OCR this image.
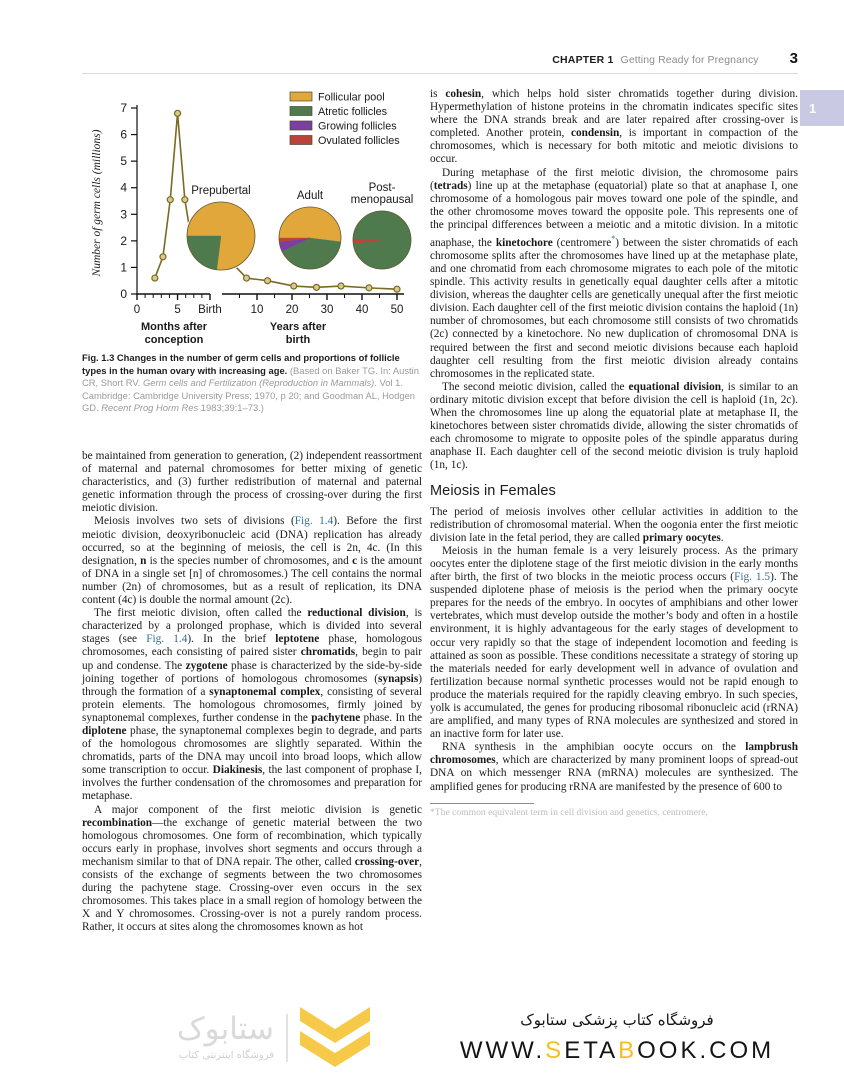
CHAPTER 1 Getting Ready for Pregnancy 3
1
0
1
2
3
4
5
6
7
Number of germ cells (millions)
0	5 Birth	10 20 30 40 50
Months after
conception
Years after
birth
Prepubertal	Adult
Post-
menopausal
Follicular pool
Atretic follicles
Growing follicles
Ovulated follicles
Fig. 1.3 Changes in the number of germ cells and proportions of follicle types in the human ovary with increasing age. (Based on Baker TG. In: Austin CR, Short RV. Germ cells and Fertilization (Reproduction in Mammals). Vol 1. Cambridge: Cambridge University Press; 1970, p 20; and Goodman AL, Hodgen GD. Recent Prog Horm Res 1983;39:1–73.)

be maintained from generation to generation, (2) independent reassortment of maternal and paternal chromosomes for better mixing of genetic characteristics, and (3) further redistribution of maternal and paternal genetic information through the process of crossing-over during the first meiotic division.

Meiosis involves two sets of divisions (Fig. 1.4). Before the first meiotic division, deoxyribonucleic acid (DNA) replication has already occurred, so at the beginning of meiosis, the cell is 2n, 4c. (In this designation, n is the species number of chromosomes, and c is the amount of DNA in a single set [n] of chromosomes.) The cell contains the normal number (2n) of chromosomes, but as a result of replication, its DNA content (4c) is double the normal amount (2c).

The first meiotic division, often called the reductional division, is characterized by a prolonged prophase, which is divided into several stages (see Fig. 1.4). In the brief leptotene phase, homologous chromosomes, each consisting of paired sister chromatids, begin to pair up and condense. The zygotene phase is characterized by the side-by-side joining together of portions of homologous chromosomes (synapsis) through the formation of a synaptonemal complex, consisting of several protein elements. The homologous chromosomes, firmly joined by synaptonemal complexes, further condense in the pachytene phase. In the diplotene phase, the synaptonemal complexes begin to degrade, and parts of the homologous chromosomes are slightly separated. Within the chromatids, parts of the DNA may uncoil into broad loops, which allow some transcription to occur. Diakinesis, the last component of prophase I, involves the further condensation of the chromosomes and preparation for metaphase.

A major component of the first meiotic division is genetic recombination—the exchange of genetic material between the two homologous chromosomes. One form of recombination, which typically occurs early in prophase, involves short segments and occurs through a mechanism similar to that of DNA repair. The other, called crossing-over, consists of the exchange of segments between the two chromosomes during the pachytene stage. Crossing-over even occurs in the sex chromosomes. This takes place in a small region of homology between the X and Y chromosomes. Crossing-over is not a purely random process. Rather, it occurs at sites along the chromosomes known as hot

is cohesin, which helps hold sister chromatids together during division. Hypermethylation of histone proteins in the chromatin indicates specific sites where the DNA strands break and are later repaired after crossing-over is completed. Another protein, condensin, is important in compaction of the chromosomes, which is necessary for both mitotic and meiotic divisions to occur.

During metaphase of the first meiotic division, the chromosome pairs (tetrads) line up at the metaphase (equatorial) plate so that at anaphase I, one chromosome of a homologous pair moves toward one pole of the spindle, and the other chromosome moves toward the opposite pole. This represents one of the principal differences between a meiotic and a mitotic division. In a mitotic anaphase, the kinetochore (centromere*) between the sister chromatids of each chromosome splits after the chromosomes have lined up at the metaphase plate, and one chromatid from each chromosome migrates to each pole of the mitotic spindle. This activity results in genetically equal daughter cells after a mitotic division, whereas the daughter cells are genetically unequal after the first meiotic division. Each daughter cell of the first meiotic division contains the haploid (1n) number of chromosomes, but each chromosome still consists of two chromatids (2c) connected by a kinetochore. No new duplication of chromosomal DNA is required between the first and second meiotic divisions because each haploid daughter cell resulting from the first meiotic division already contains chromosomes in the replicated state.

The second meiotic division, called the equational division, is similar to an ordinary mitotic division except that before division the cell is haploid (1n, 2c). When the chromosomes line up along the equatorial plate at metaphase II, the kinetochores between sister chromatids divide, allowing the sister chromatids of each chromosome to migrate to opposite poles of the spindle apparatus during anaphase II. Each daughter cell of the second meiotic division is truly haploid (1n, 1c).

Meiosis in Females

The period of meiosis involves other cellular activities in addition to the redistribution of chromosomal material. When the oogonia enter the first meiotic division late in the fetal period, they are called primary oocytes.

Meiosis in the human female is a very leisurely process. As the primary oocytes enter the diplotene stage of the first meiotic division in the early months after birth, the first of two blocks in the meiotic process occurs (Fig. 1.5). The suspended diplotene phase of meiosis is the period when the primary oocyte prepares for the needs of the embryo. In oocytes of amphibians and other lower vertebrates, which must develop outside the mother’s body and often in a hostile environment, it is highly advantageous for the early stages of development to occur very rapidly so that the stage of independent locomotion and feeding is attained as soon as possible. These conditions necessitate a strategy of storing up the materials needed for early development well in advance of ovulation and fertilization because normal synthetic processes would not be rapid enough to produce the materials required for the rapidly cleaving embryo. In such species, yolk is accumulated, the genes for producing ribosomal ribonucleic acid (rRNA) are amplified, and many types of RNA molecules are synthesized and stored in an inactive form for later use.

RNA synthesis in the amphibian oocyte occurs on the lampbrush chromosomes, which are characterized by many prominent loops of spread-out DNA on which messenger RNA (mRNA) molecules are synthesized. The amplified genes for producing rRNA are manifested by the presence of 600 to

*The common equivalent term in cell division and genetics, centromere,
ستابوک
فروشگاه اینترنتی کتاب
فروشگاه کتاب پزشکی ستابوک
WWW.SETABOOK.COM
